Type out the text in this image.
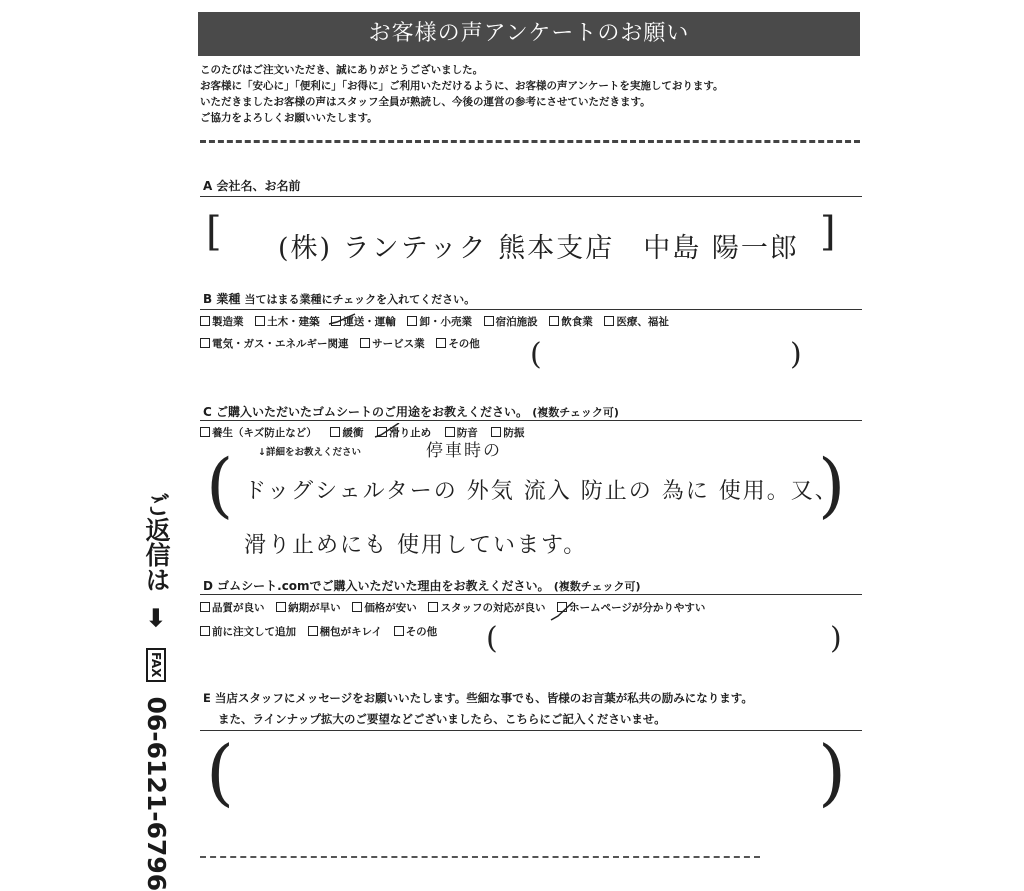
お客様の声アンケートのお願い
このたびはご注文いただき、誠にありがとうございました。
お客様に「安心に」「便利に」「お得に」ご利用いただけるように、お客様の声アンケートを実施しております。
いただきましたお客様の声はスタッフ全員が熟読し、今後の運営の参考にさせていただきます。
ご協力をよろしくお願いいたします。
A 会社名、お名前
[	]
(株) ランテック 熊本支店　中島 陽一郎
B 業種 当てはまる業種にチェックを入れてください。
製造業 土木・建築 運送・運輸 卸・小売業 宿泊施設 飲食業 医療、福祉
電気・ガス・エネルギー関連 サービス業 その他 (	)
C ご購入いただいたゴムシートのご用途をお教えください。 (複数チェック可)
養生（キズ防止など） 緩衝 滑り止め 防音 防振
↓詳細をお教えください	停車時の
(	)
ドッグシェルターの 外気 流入 防止の 為に 使用。又、
滑り止めにも 使用しています。
D ゴムシート.comでご購入いただいた理由をお教えください。 (複数チェック可)
品質が良い 納期が早い 価格が安い スタッフの対応が良い ホームページが分かりやすい
前に注文して追加 梱包がキレイ その他 (	)
E 当店スタッフにメッセージをお願いいたします。些細な事でも、皆様のお言葉が私共の励みになります。
また、ラインナップ拡大のご要望などございましたら、こちらにご記入くださいませ。
(	)
ご返信は ➡ FAX 06-6121-6796
